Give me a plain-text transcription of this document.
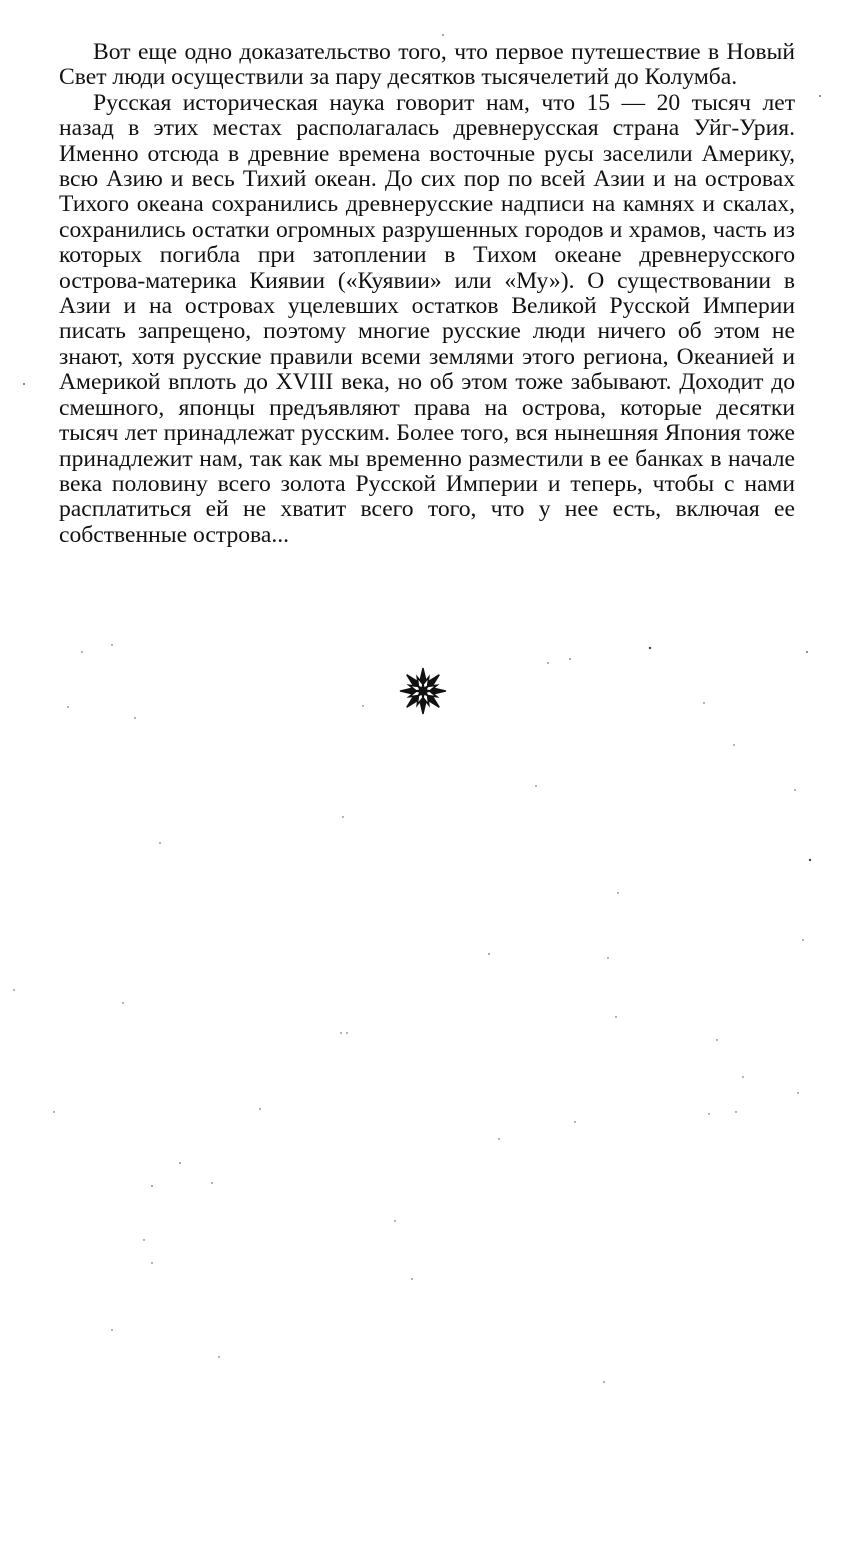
Вот еще одно доказательство того, что первое путешествие в Новый Свет люди осуществили за пару десятков тысячелетий до Колумба.

Русская историческая наука говорит нам, что 15 — 20 тысяч лет назад в этих местах располагалась древнерусская страна Уйг-Урия. Именно отсюда в древние времена восточные русы заселили Америку, всю Азию и весь Тихий океан. До сих пор по всей Азии и на островах Тихого океана сохранились древнерусские надписи на камнях и скалах, сохранились остатки огромных разрушенных городов и храмов, часть из которых погибла при затоплении в Тихом океане древнерусского острова-материка Киявии («Куявии» или «Му»). О существовании в Азии и на островах уцелевших остатков Великой Русской Империи писать запрещено, поэтому многие русские люди ничего об этом не знают, хотя русские правили всеми землями этого региона, Океанией и Америкой вплоть до XVIII века, но об этом тоже забывают. Доходит до смешного, японцы предъявляют права на острова, которые десятки тысяч лет принадлежат русским. Более того, вся нынешняя Япония тоже принадлежит нам, так как мы временно разместили в ее банках в начале века половину всего золота Русской Империи и теперь, чтобы с нами расплатиться ей не хватит всего того, что у нее есть, включая ее собственные острова...
